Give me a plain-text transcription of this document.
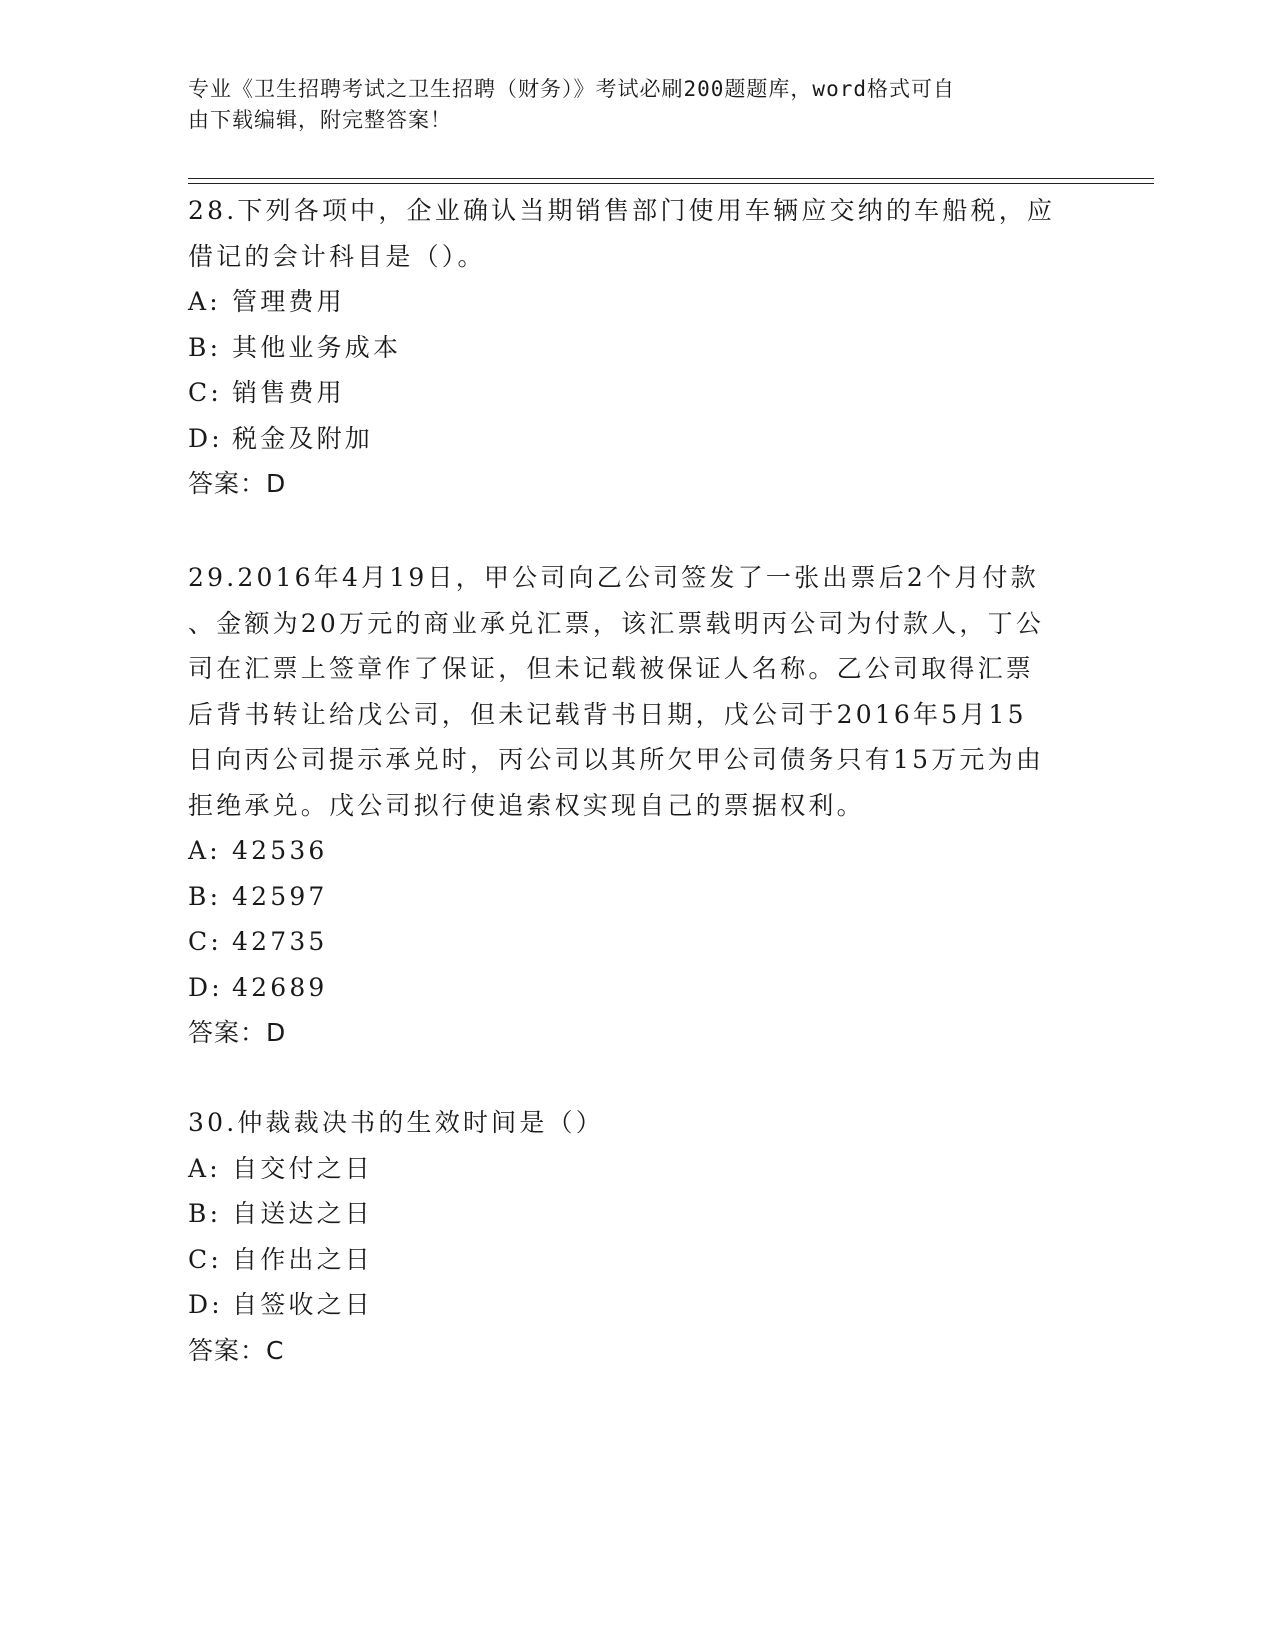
专业《卫生招聘考试之卫生招聘（财务）》考试必刷200题题库，word格式可自
由下载编辑，附完整答案！
28.下列各项中，企业确认当期销售部门使用车辆应交纳的车船税，应
借记的会计科目是（）。
A: 管理费用
B: 其他业务成本
C: 销售费用
D: 税金及附加
答案：D
29.2016年4月19日，甲公司向乙公司签发了一张出票后2个月付款
、金额为20万元的商业承兑汇票，该汇票载明丙公司为付款人，丁公
司在汇票上签章作了保证，但未记载被保证人名称。乙公司取得汇票
后背书转让给戊公司，但未记载背书日期，戊公司于2016年5月15
日向丙公司提示承兑时，丙公司以其所欠甲公司债务只有15万元为由
拒绝承兑。戊公司拟行使追索权实现自己的票据权利。
A: 42536
B: 42597
C: 42735
D: 42689
答案：D
30.仲裁裁决书的生效时间是（）
A: 自交付之日
B: 自送达之日
C: 自作出之日
D: 自签收之日
答案：C
